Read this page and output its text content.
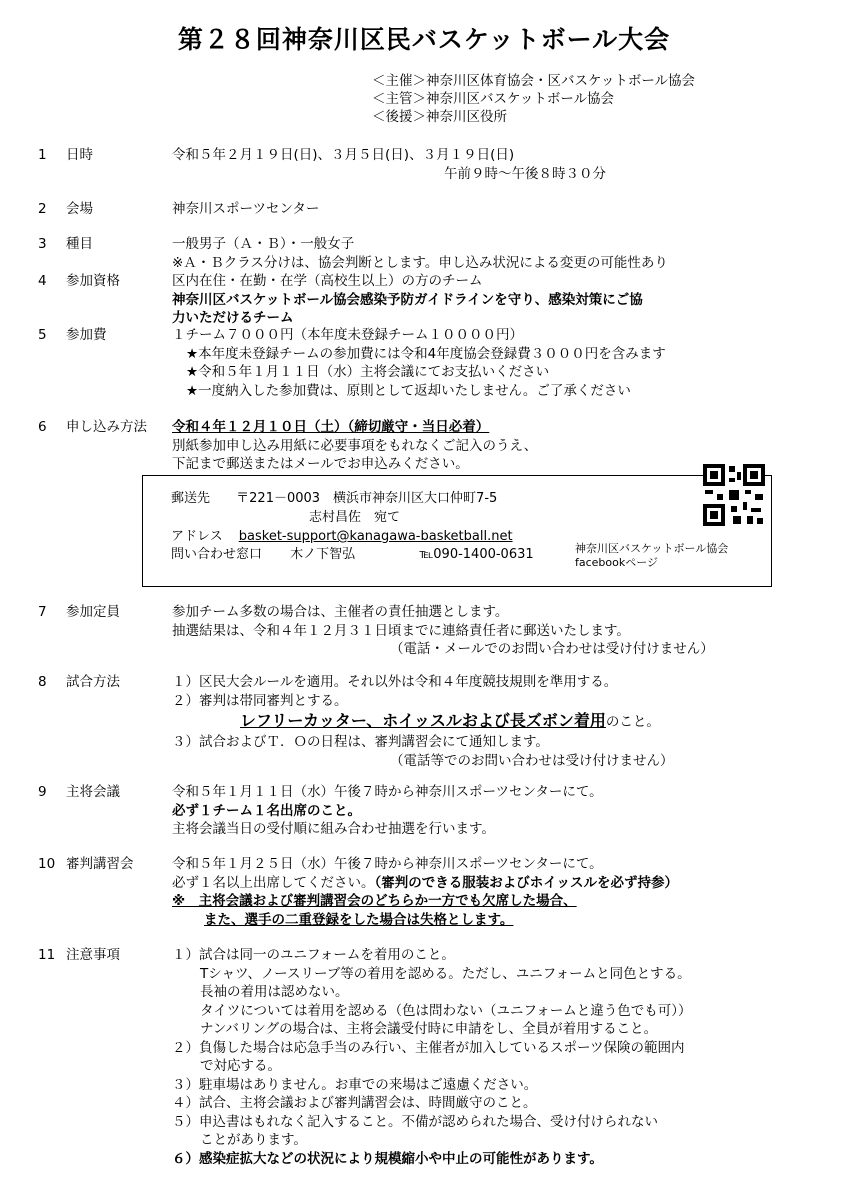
第２８回神奈川区民バスケットボール大会
＜主催＞神奈川区体育協会・区バスケットボール協会
＜主管＞神奈川区バスケットボール協会
＜後援＞神奈川区役所
1 日時	令和５年２月１９日(日)、３月５日(日)、３月１９日(日)
午前９時～午後８時３０分
2 会場	神奈川スポーツセンター
3 種目	一般男子（Ａ・Ｂ）・一般女子
※Ａ・Ｂクラス分けは、協会判断とします。申し込み状況による変更の可能性あり
4 参加資格	区内在住・在勤・在学（高校生以上）の方のチーム
神奈川区バスケットボール協会感染予防ガイドラインを守り、感染対策にご協
力いただけるチーム
5 参加費	１チーム７０００円（本年度未登録チーム１００００円）
★本年度未登録チームの参加費には令和4年度協会登録費３０００円を含みます
★令和５年１月１１日（水）主将会議にてお支払いください
★一度納入した参加費は、原則として返却いたしません。ご了承ください
6 申し込み方法 令和４年１２月１０日（土）（締切厳守・当日必着）
別紙参加申し込み用紙に必要事項をもれなくご記入のうえ、
下記まで郵送またはメールでお申込みください。
郵送先 〒221－0003　横浜市神奈川区大口仲町7-5
志村昌佐　宛て
アドレス basket-support@kanagawa-basketball.net
問い合わせ窓口 木ノ下智弘	℡090-1400-0631	神奈川区バスケットボール協会
facebookページ
7 参加定員	参加チーム多数の場合は、主催者の責任抽選とします。
抽選結果は、令和４年１２月３１日頃までに連絡責任者に郵送いたします。
（電話・メールでのお問い合わせは受け付けません）
8 試合方法	１）区民大会ルールを適用。それ以外は令和４年度競技規則を準用する。
２）審判は帯同審判とする。
レフリーカッター、ホイッスルおよび長ズボン着用のこと。
３）試合およびＴ．Ｏの日程は、審判講習会にて通知します。
（電話等でのお問い合わせは受け付けません）
9 主将会議	令和５年１月１１日（水）午後７時から神奈川スポーツセンターにて。
必ず１チーム１名出席のこと。
主将会議当日の受付順に組み合わせ抽選を行います。
10 審判講習会	令和５年１月２５日（水）午後７時から神奈川スポーツセンターにて。
必ず１名以上出席してください。（審判のできる服装およびホイッスルを必ず持参）
※　主将会議および審判講習会のどちらか一方でも欠席した場合、
また、選手の二重登録をした場合は失格とします。
11 注意事項	１）試合は同一のユニフォームを着用のこと。
Tシャツ、ノースリーブ等の着用を認める。ただし、ユニフォームと同色とする。
長袖の着用は認めない。
タイツについては着用を認める（色は問わない（ユニフォームと違う色でも可））
ナンバリングの場合は、主将会議受付時に申請をし、全員が着用すること。
２）負傷した場合は応急手当のみ行い、主催者が加入しているスポーツ保険の範囲内
で対応する。
３）駐車場はありません。お車での来場はご遠慮ください。
４）試合、主将会議および審判講習会は、時間厳守のこと。
５）申込書はもれなく記入すること。不備が認められた場合、受け付けられない
ことがあります。
６）感染症拡大などの状況により規模縮小や中止の可能性があります。
